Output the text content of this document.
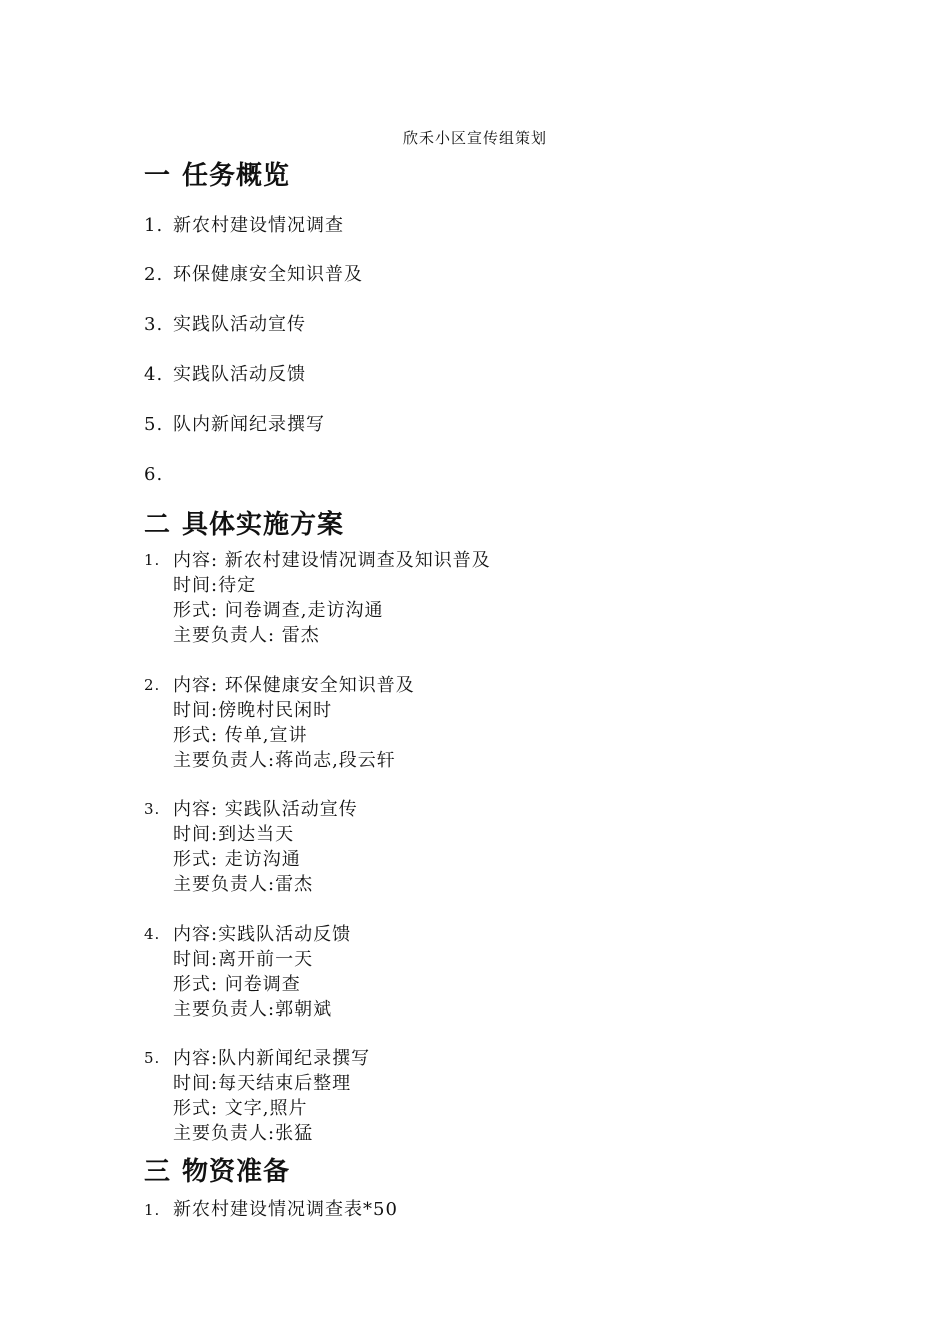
欣禾小区宣传组策划
一 任务概览
1. 新农村建设情况调查
2. 环保健康安全知识普及
3. 实践队活动宣传
4. 实践队活动反馈
5. 队内新闻纪录撰写
6.
二 具体实施方案
1. 内容: 新农村建设情况调查及知识普及
时间:待定
形式: 问卷调查,走访沟通
主要负责人: 雷杰
2. 内容: 环保健康安全知识普及
时间:傍晚村民闲时
形式: 传单,宣讲
主要负责人:蒋尚志,段云轩
3. 内容: 实践队活动宣传
时间:到达当天
形式: 走访沟通
主要负责人:雷杰
4. 内容:实践队活动反馈
时间:离开前一天
形式: 问卷调查
主要负责人:郭朝斌
5. 内容:队内新闻纪录撰写
时间:每天结束后整理
形式: 文字,照片
主要负责人:张猛
三 物资准备
1. 新农村建设情况调查表*50
